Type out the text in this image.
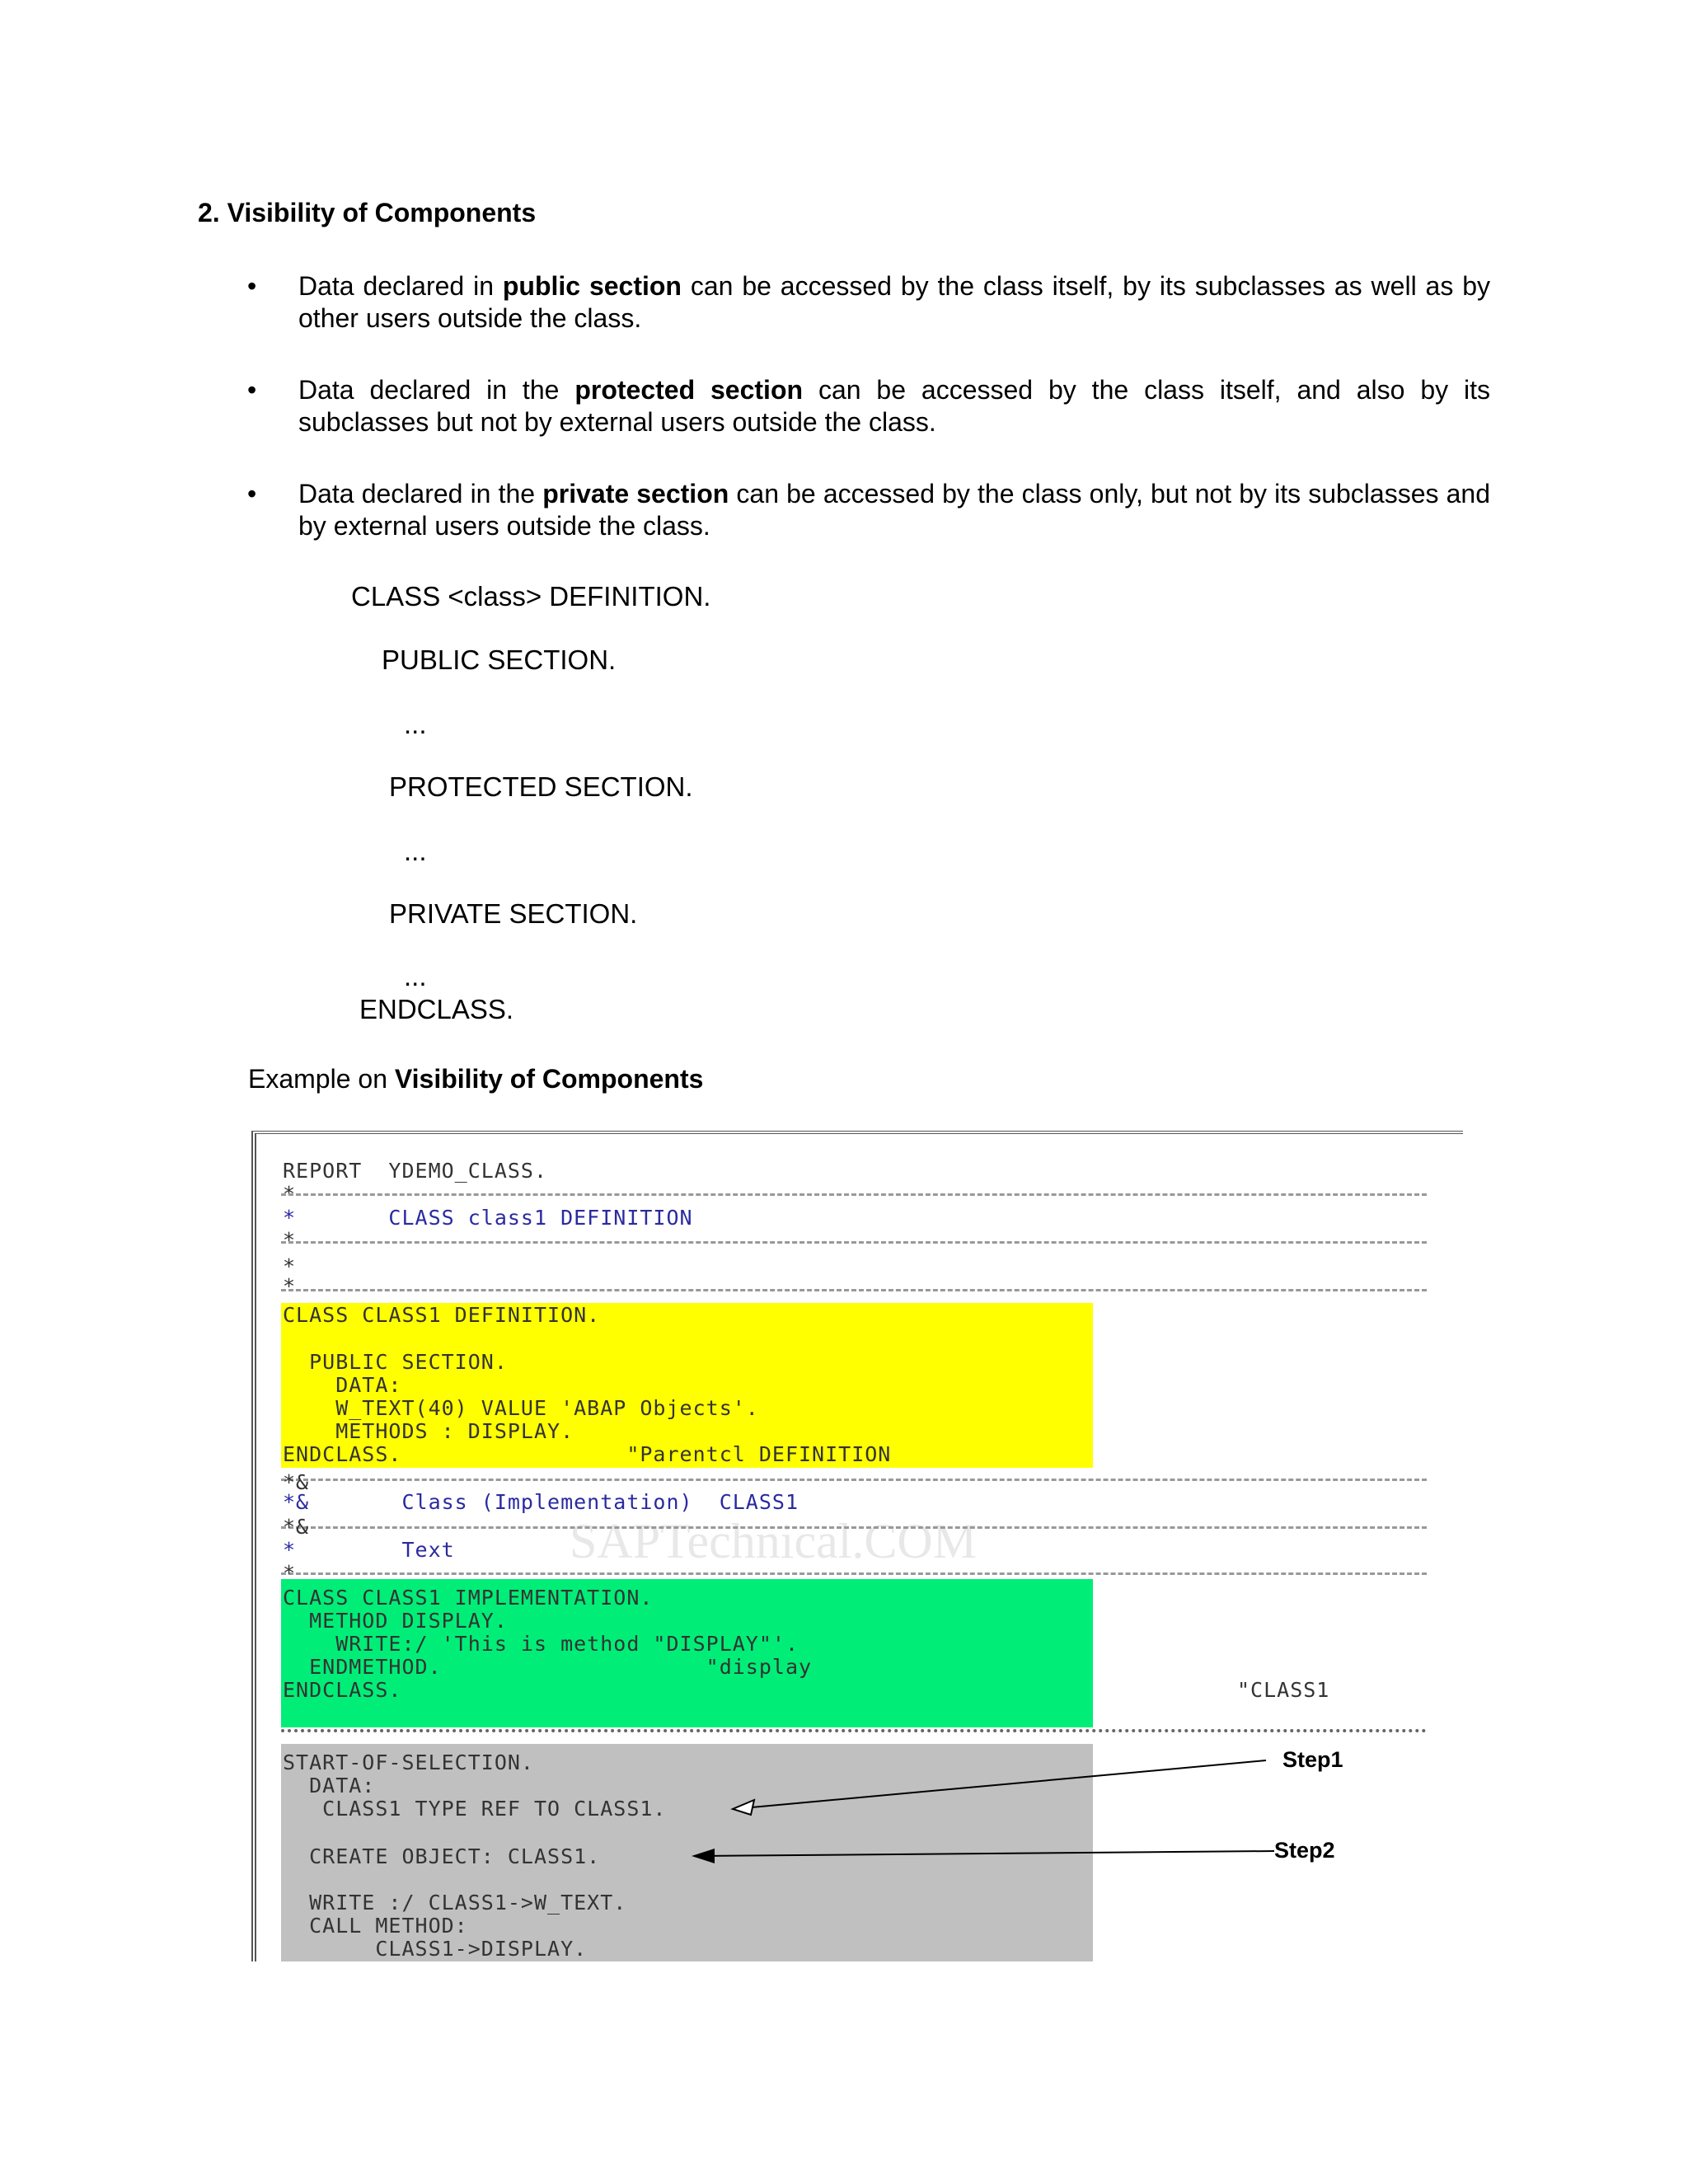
2. Visibility of Components
• Data declared in public section can be accessed by the class itself, by its subclasses as well as by other users outside the class.
• Data declared in the protected section can be accessed by the class itself, and also by its subclasses but not by external users outside the class.
• Data declared in the private section can be accessed by the class only, but not by its subclasses and by external users outside the class.
CLASS <class> DEFINITION.
PUBLIC SECTION.
...
PROTECTED SECTION.
...
PRIVATE SECTION.
...
ENDCLASS.
Example on Visibility of Components
SAPTechnical.COM
REPORT  YDEMO_CLASS.
*
*       CLASS class1 DEFINITION
*
*
*
CLASS CLASS1 DEFINITION.
PUBLIC SECTION.
DATA:
W_TEXT(40) VALUE 'ABAP Objects'.
METHODS : DISPLAY.
ENDCLASS.                 "Parentcl DEFINITION
*&
*&       Class (Implementation)  CLASS1
*&
*        Text
*
CLASS CLASS1 IMPLEMENTATION.
METHOD DISPLAY.
WRITE:/ 'This is method "DISPLAY"'.
ENDMETHOD.                    "display
ENDCLASS.	"CLASS1
START-OF-SELECTION.
DATA:
CLASS1 TYPE REF TO CLASS1.
CREATE OBJECT: CLASS1.
WRITE :/ CLASS1->W_TEXT.
CALL METHOD:
CLASS1->DISPLAY.
Step1
Step2
